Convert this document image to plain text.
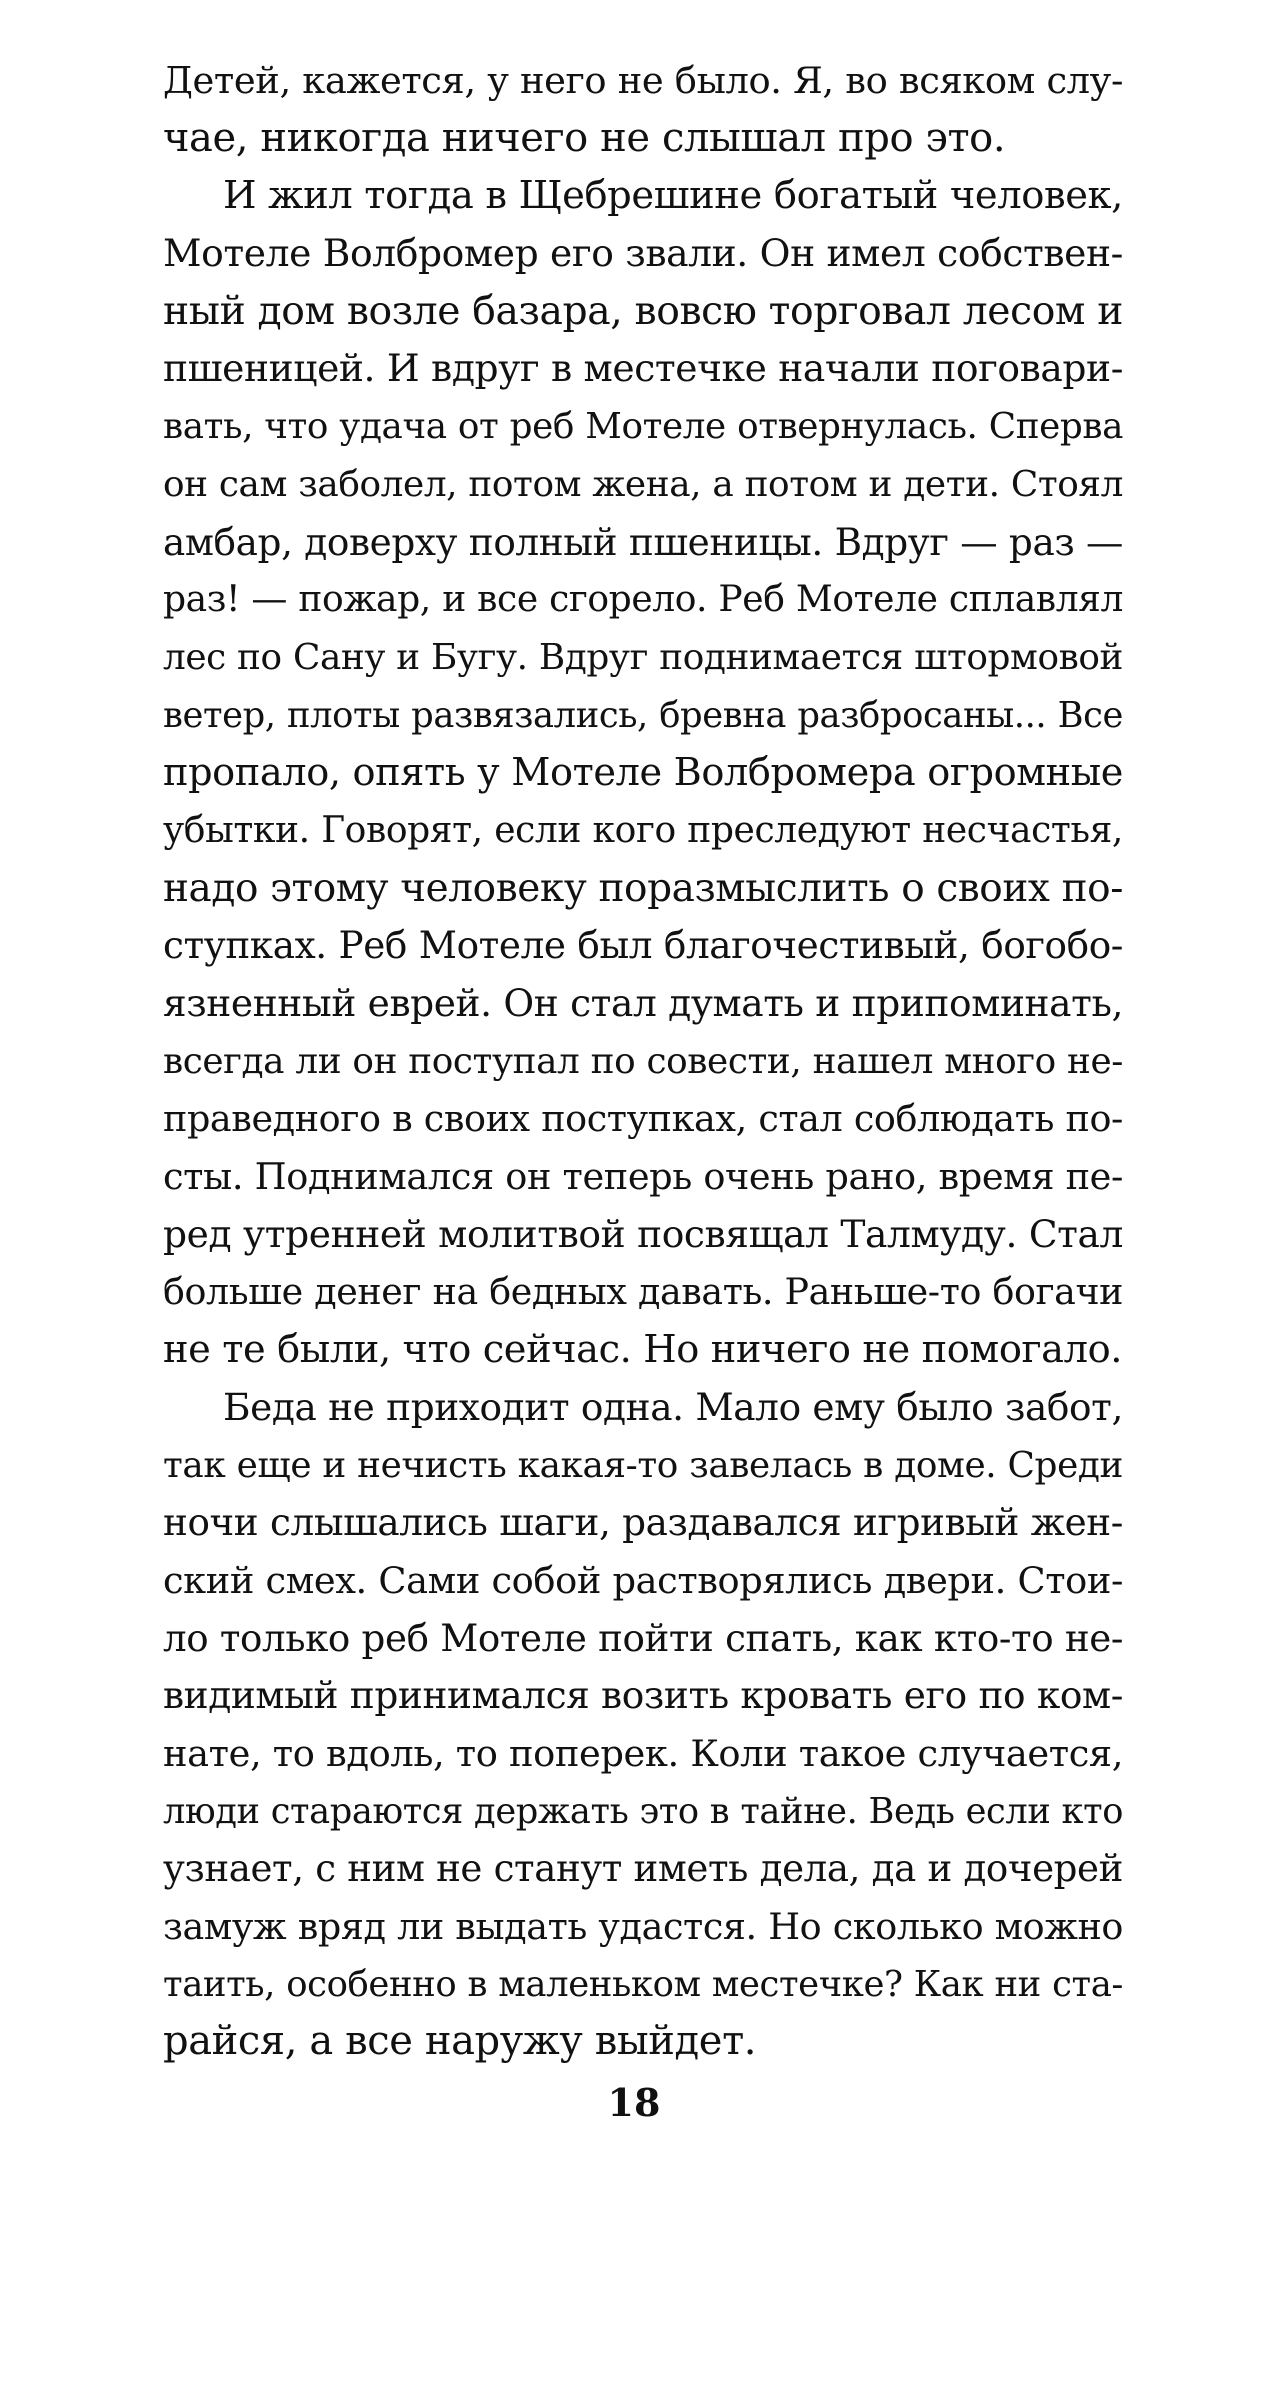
Детей, кажется, у него не было. Я, во всяком слу-
чае, никогда ничего не слышал про это.
И жил тогда в Щебрешине богатый человек,
Мотеле Волбромер его звали. Он имел собствен-
ный дом возле базара, вовсю торговал лесом и
пшеницей. И вдруг в местечке начали поговари-
вать, что удача от реб Мотеле отвернулась. Сперва
он сам заболел, потом жена, а потом и дети. Стоял
амбар, доверху полный пшеницы. Вдруг — раз —
раз! — пожар, и все сгорело. Реб Мотеле сплавлял
лес по Сану и Бугу. Вдруг поднимается штормовой
ветер, плоты развязались, бревна разбросаны... Все
пропало, опять у Мотеле Волбромера огромные
убытки. Говорят, если кого преследуют несчастья,
надо этому человеку поразмыслить о своих по-
ступках. Реб Мотеле был благочестивый, богобо-
язненный еврей. Он стал думать и припоминать,
всегда ли он поступал по совести, нашел много не-
праведного в своих поступках, стал соблюдать по-
сты. Поднимался он теперь очень рано, время пе-
ред утренней молитвой посвящал Талмуду. Стал
больше денег на бедных давать. Раньше-то богачи
не те были, что сейчас. Но ничего не помогало.
Беда не приходит одна. Мало ему было забот,
так еще и нечисть какая-то завелась в доме. Среди
ночи слышались шаги, раздавался игривый жен-
ский смех. Сами собой растворялись двери. Стои-
ло только реб Мотеле пойти спать, как кто-то не-
видимый принимался возить кровать его по ком-
нате, то вдоль, то поперек. Коли такое случается,
люди стараются держать это в тайне. Ведь если кто
узнает, с ним не станут иметь дела, да и дочерей
замуж вряд ли выдать удастся. Но сколько можно
таить, особенно в маленьком местечке? Как ни ста-
райся, а все наружу выйдет.
18
